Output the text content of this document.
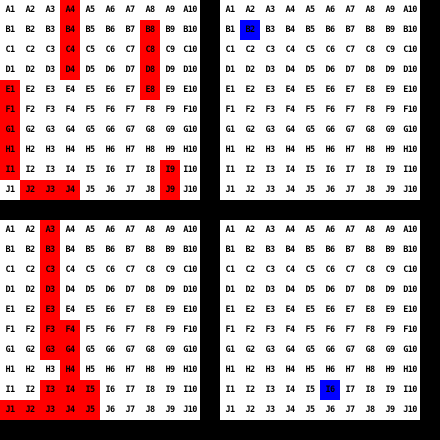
A1	A2	A3	A4	A5	A6	A7	A8	A9	A10
B1	B2	B3	B4	B5	B6	B7	B8	B9	B10
C1	C2	C3	C4	C5	C6	C7	C8	C9	C10
D1	D2	D3	D4	D5	D6	D7	D8	D9	D10
E1	E2	E3	E4	E5	E6	E7	E8	E9	E10
F1	F2	F3	F4	F5	F6	F7	F8	F9	F10
G1	G2	G3	G4	G5	G6	G7	G8	G9	G10
H1	H2	H3	H4	H5	H6	H7	H8	H9	H10
I1	I2	I3	I4	I5	I6	I7	I8	I9	I10
J1	J2	J3	J4	J5	J6	J7	J8	J9	J10
A1	A2	A3	A4	A5	A6	A7	A8	A9	A10
B1	B2	B3	B4	B5	B6	B7	B8	B9	B10
C1	C2	C3	C4	C5	C6	C7	C8	C9	C10
D1	D2	D3	D4	D5	D6	D7	D8	D9	D10
E1	E2	E3	E4	E5	E6	E7	E8	E9	E10
F1	F2	F3	F4	F5	F6	F7	F8	F9	F10
G1	G2	G3	G4	G5	G6	G7	G8	G9	G10
H1	H2	H3	H4	H5	H6	H7	H8	H9	H10
I1	I2	I3	I4	I5	I6	I7	I8	I9	I10
J1	J2	J3	J4	J5	J6	J7	J8	J9	J10
A1	A2	A3	A4	A5	A6	A7	A8	A9	A10
B1	B2	B3	B4	B5	B6	B7	B8	B9	B10
C1	C2	C3	C4	C5	C6	C7	C8	C9	C10
D1	D2	D3	D4	D5	D6	D7	D8	D9	D10
E1	E2	E3	E4	E5	E6	E7	E8	E9	E10
F1	F2	F3	F4	F5	F6	F7	F8	F9	F10
G1	G2	G3	G4	G5	G6	G7	G8	G9	G10
H1	H2	H3	H4	H5	H6	H7	H8	H9	H10
I1	I2	I3	I4	I5	I6	I7	I8	I9	I10
J1	J2	J3	J4	J5	J6	J7	J8	J9	J10
A1	A2	A3	A4	A5	A6	A7	A8	A9	A10
B1	B2	B3	B4	B5	B6	B7	B8	B9	B10
C1	C2	C3	C4	C5	C6	C7	C8	C9	C10
D1	D2	D3	D4	D5	D6	D7	D8	D9	D10
E1	E2	E3	E4	E5	E6	E7	E8	E9	E10
F1	F2	F3	F4	F5	F6	F7	F8	F9	F10
G1	G2	G3	G4	G5	G6	G7	G8	G9	G10
H1	H2	H3	H4	H5	H6	H7	H8	H9	H10
I1	I2	I3	I4	I5	I6	I7	I8	I9	I10
J1	J2	J3	J4	J5	J6	J7	J8	J9	J10
